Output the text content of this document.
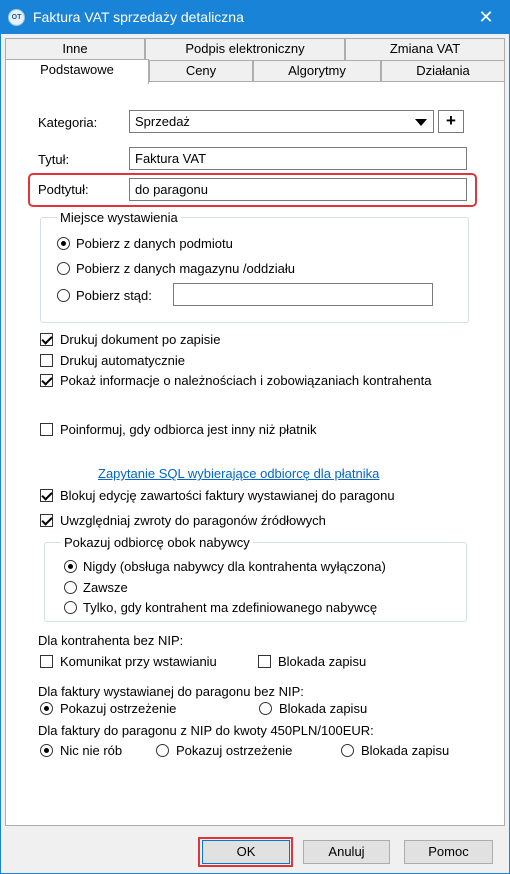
OT Faktura VAT sprzedaży detaliczna	✕
Inne	Podpis elektroniczny	Zmiana VAT
Podstawowe	Ceny	Algorytmy	Działania
Kategoria:	Sprzedaż	+
Tytuł:	Faktura VAT
Podtytuł:	do paragonu
Miejsce wystawienia
Pobierz z danych podmiotu
Pobierz z danych magazynu /oddziału
Pobierz stąd:
Drukuj dokument po zapisie
Drukuj automatycznie
Pokaż informacje o należnościach i zobowiązaniach kontrahenta
Poinformuj, gdy odbiorca jest inny niż płatnik
Zapytanie SQL wybierające odbiorcę dla płatnika
Blokuj edycję zawartości faktury wystawianej do paragonu
Uwzględniaj zwroty do paragonów źródłowych
Pokazuj odbiorcę obok nabywcy
Nigdy (obsługa nabywcy dla kontrahenta wyłączona)
Zawsze
Tylko, gdy kontrahent ma zdefiniowanego nabywcę
Dla kontrahenta bez NIP:
Komunikat przy wstawianiu	Blokada zapisu
Dla faktury wystawianej do paragonu bez NIP:
Pokazuj ostrzeżenie	Blokada zapisu
Dla faktury do paragonu z NIP do kwoty 450PLN/100EUR:
Nic nie rób	Pokazuj ostrzeżenie	Blokada zapisu
OK	Anuluj	Pomoc
